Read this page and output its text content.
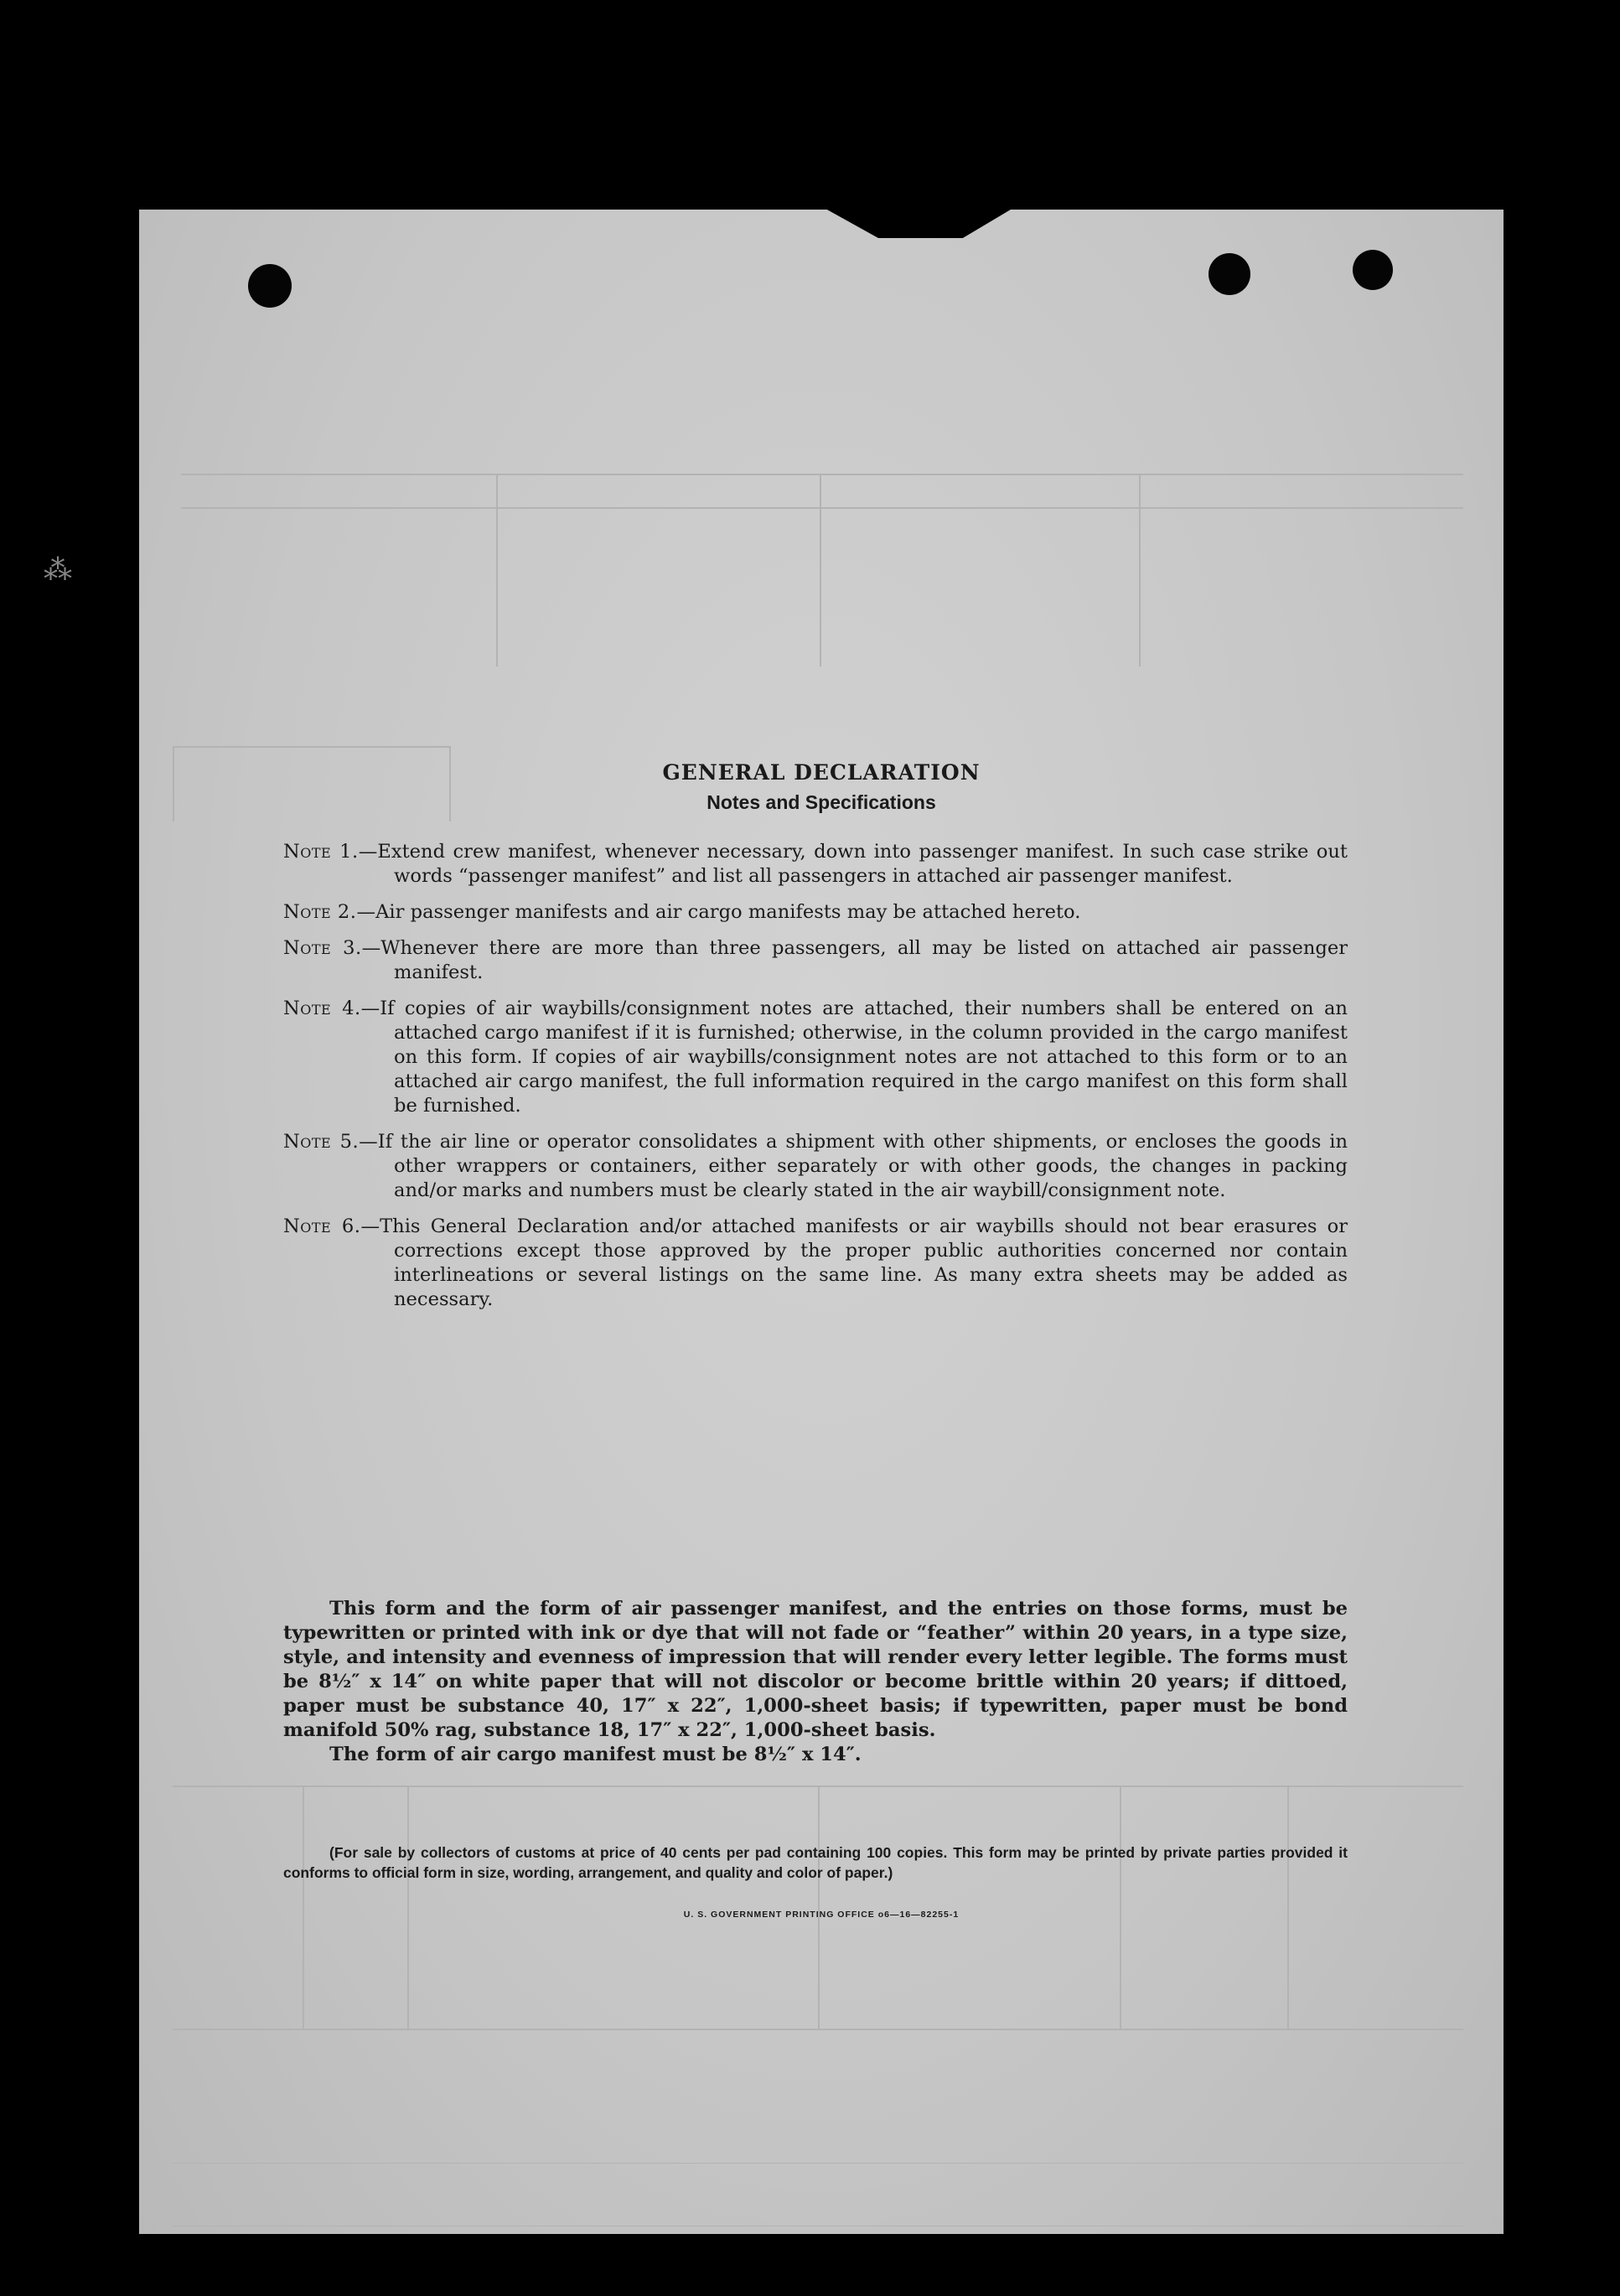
⁂
GENERAL DECLARATION
Notes and Specifications
Note 1.—Extend crew manifest, whenever necessary, down into passenger manifest. In such case strike out words “passenger manifest” and list all passengers in attached air passenger manifest.
Note 2.—Air passenger manifests and air cargo manifests may be attached hereto.
Note 3.—Whenever there are more than three passengers, all may be listed on attached air passenger manifest.
Note 4.—If copies of air waybills/consignment notes are attached, their numbers shall be entered on an attached cargo manifest if it is furnished; otherwise, in the column provided in the cargo manifest on this form. If copies of air waybills/consignment notes are not attached to this form or to an attached air cargo manifest, the full information required in the cargo manifest on this form shall be furnished.
Note 5.—If the air line or operator consolidates a shipment with other shipments, or encloses the goods in other wrappers or containers, either separately or with other goods, the changes in packing and/or marks and numbers must be clearly stated in the air waybill/consignment note.
Note 6.—This General Declaration and/or attached manifests or air waybills should not bear erasures or corrections except those approved by the proper public authorities concerned nor contain interlineations or several listings on the same line. As many extra sheets may be added as necessary.
This form and the form of air passenger manifest, and the entries on those forms, must be typewritten or printed with ink or dye that will not fade or “feather” within 20 years, in a type size, style, and intensity and evenness of impression that will render every letter legible. The forms must be 8½″ x 14″ on white paper that will not discolor or become brittle within 20 years; if dittoed, paper must be substance 40, 17″ x 22″, 1,000-sheet basis; if typewritten, paper must be bond manifold 50% rag, substance 18, 17″ x 22″, 1,000-sheet basis.
The form of air cargo manifest must be 8½″ x 14″.
(For sale by collectors of customs at price of 40 cents per pad containing 100 copies. This form may be printed by private parties provided it conforms to official form in size, wording, arrangement, and quality and color of paper.)
U. S. GOVERNMENT PRINTING OFFICE o6—16—82255-1
